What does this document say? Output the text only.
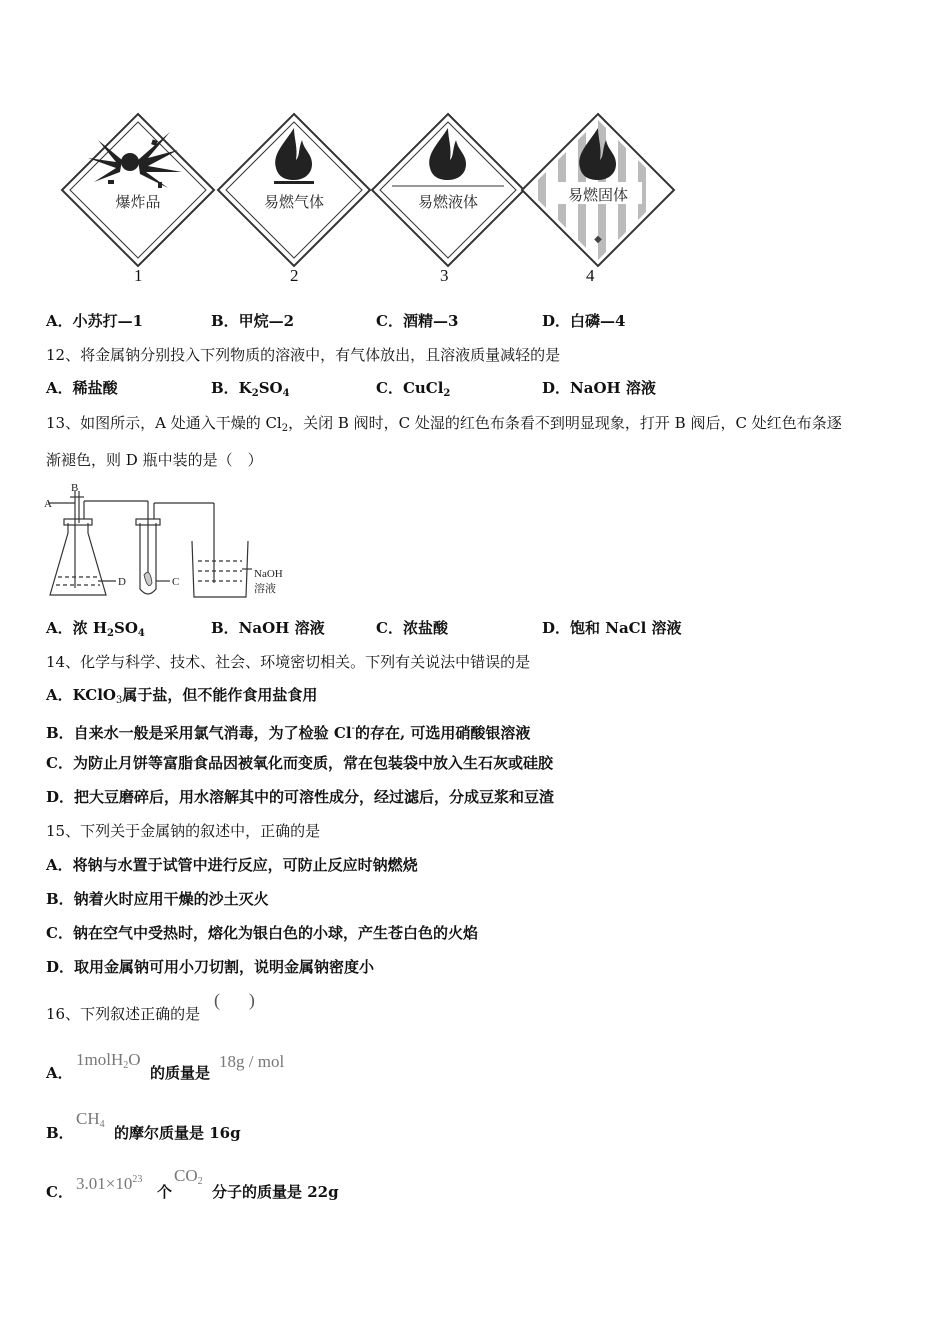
爆炸品
1
易燃气体
2
易燃液体
3
易燃固体
◆
4
A．小苏打—1	B．甲烷—2	C．酒精—3	D．白磷—4
12、将金属钠分别投入下列物质的溶液中，有气体放出，且溶液质量减轻的是
A．稀盐酸	B．$K_2SO_4$	C．CuCl$_2$	D．NaOH 溶液
13、如图所示，A 处通入干燥的 $Cl_2$，关闭 B 阀时，C 处湿的红色布条看不到明显现象，打开 B 阀后，C 处红色布条逐
渐褪色，则 D 瓶中装的是（　）
A
B
D	C
NaOH
溶液
A．浓 $H_2SO_4$	B．NaOH 溶液	C．浓盐酸	D．饱和 NaCl 溶液
14、化学与科学、技术、社会、环境密切相关。下列有关说法中错误的是
A．KClO$_3$属于盐，但不能作食用盐食用
B．自来水一般是采用氯气消毒，为了检验 Cl-的存在, 可选用硝酸银溶液
C．为防止月饼等富脂食品因被氧化而变质，常在包装袋中放入生石灰或硅胶
D．把大豆磨碎后，用水溶解其中的可溶性成分，经过滤后，分成豆浆和豆渣
15、下列关于金属钠的叙述中，正确的是
A．将钠与水置于试管中进行反应，可防止反应时钠燃烧
B．钠着火时应用干燥的沙土灭火
C．钠在空气中受热时，熔化为银白色的小球，产生苍白色的火焰
D．取用金属钠可用小刀切割，说明金属钠密度小
16、下列叙述正确的是
(        )
A．
1molH$_2$O
的质量是
18g / mol
B．
$CH_4$ 的摩尔质量是 16g
C． $3.01\times 10^{23}$
个
$CO_2$
分子的质量是 22g
